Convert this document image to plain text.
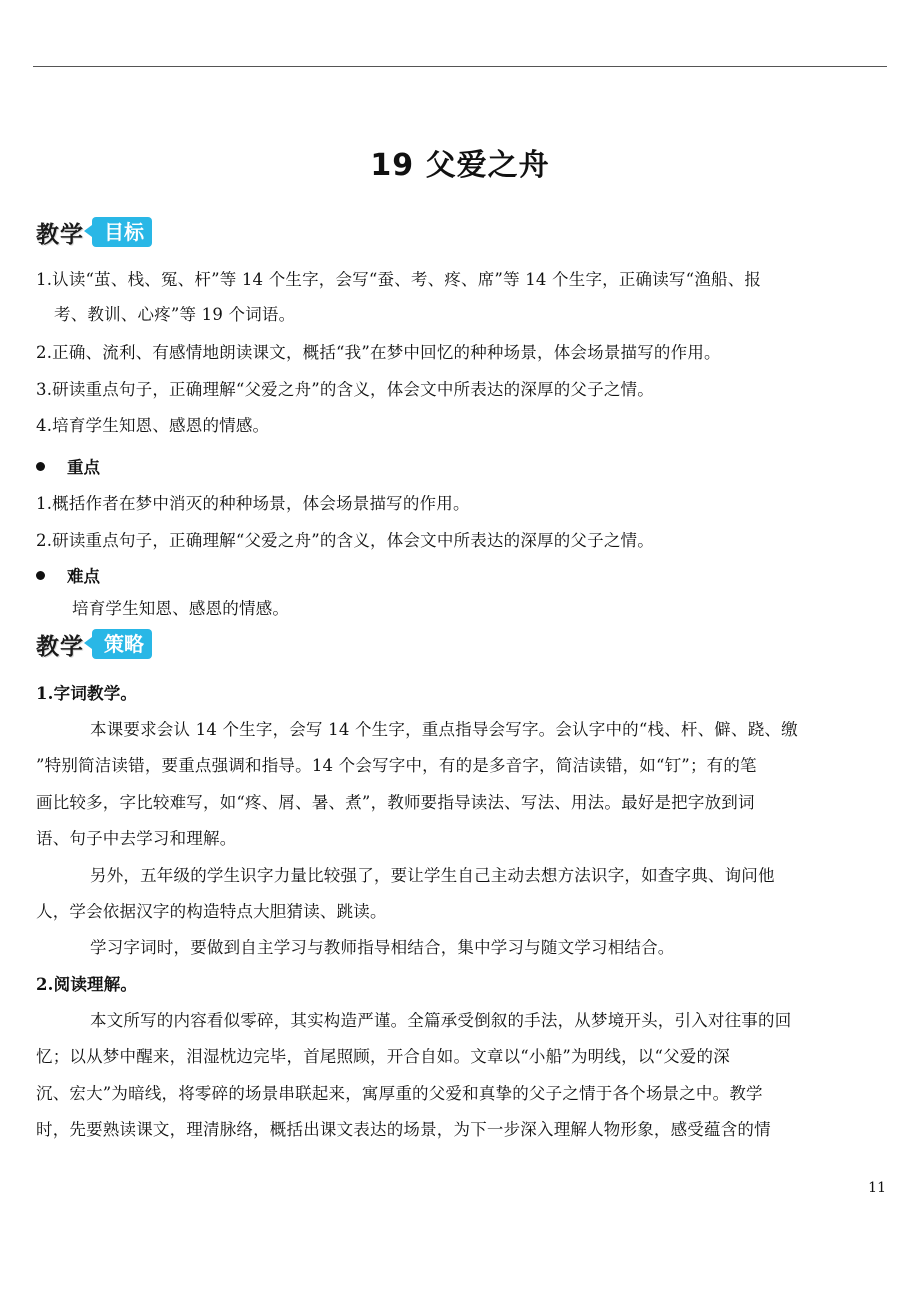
19 父爱之舟
教学	目标
1.认读“茧、栈、冤、杆”等 14 个生字，会写“蚕、考、疼、席”等 14 个生字，正确读写“渔船、报
考、教训、心疼”等 19 个词语。
2.正确、流利、有感情地朗读课文，概括“我”在梦中回忆的种种场景，体会场景描写的作用。
3.研读重点句子，正确理解“父爱之舟”的含义，体会文中所表达的深厚的父子之情。
4.培育学生知恩、感恩的情感。
重点
1.概括作者在梦中消灭的种种场景，体会场景描写的作用。
2.研读重点句子，正确理解“父爱之舟”的含义，体会文中所表达的深厚的父子之情。
难点
培育学生知恩、感恩的情感。
教学	策略
1.字词教学。
本课要求会认 14 个生字，会写 14 个生字，重点指导会写字。会认字中的“栈、杆、僻、跷、缴
”特别简洁读错，要重点强调和指导。14 个会写字中，有的是多音字，简洁读错，如“钉”；有的笔
画比较多，字比较难写，如“疼、屑、暑、煮”，教师要指导读法、写法、用法。最好是把字放到词
语、句子中去学习和理解。
另外，五年级的学生识字力量比较强了，要让学生自己主动去想方法识字，如查字典、询问他
人，学会依据汉字的构造特点大胆猜读、跳读。
学习字词时，要做到自主学习与教师指导相结合，集中学习与随文学习相结合。
2.阅读理解。
本文所写的内容看似零碎，其实构造严谨。全篇承受倒叙的手法，从梦境开头，引入对往事的回
忆；以从梦中醒来，泪湿枕边完毕，首尾照顾，开合自如。文章以“小船”为明线，以“父爱的深
沉、宏大”为暗线，将零碎的场景串联起来，寓厚重的父爱和真挚的父子之情于各个场景之中。教学
时，先要熟读课文，理清脉络，概括出课文表达的场景，为下一步深入理解人物形象，感受蕴含的情
11
